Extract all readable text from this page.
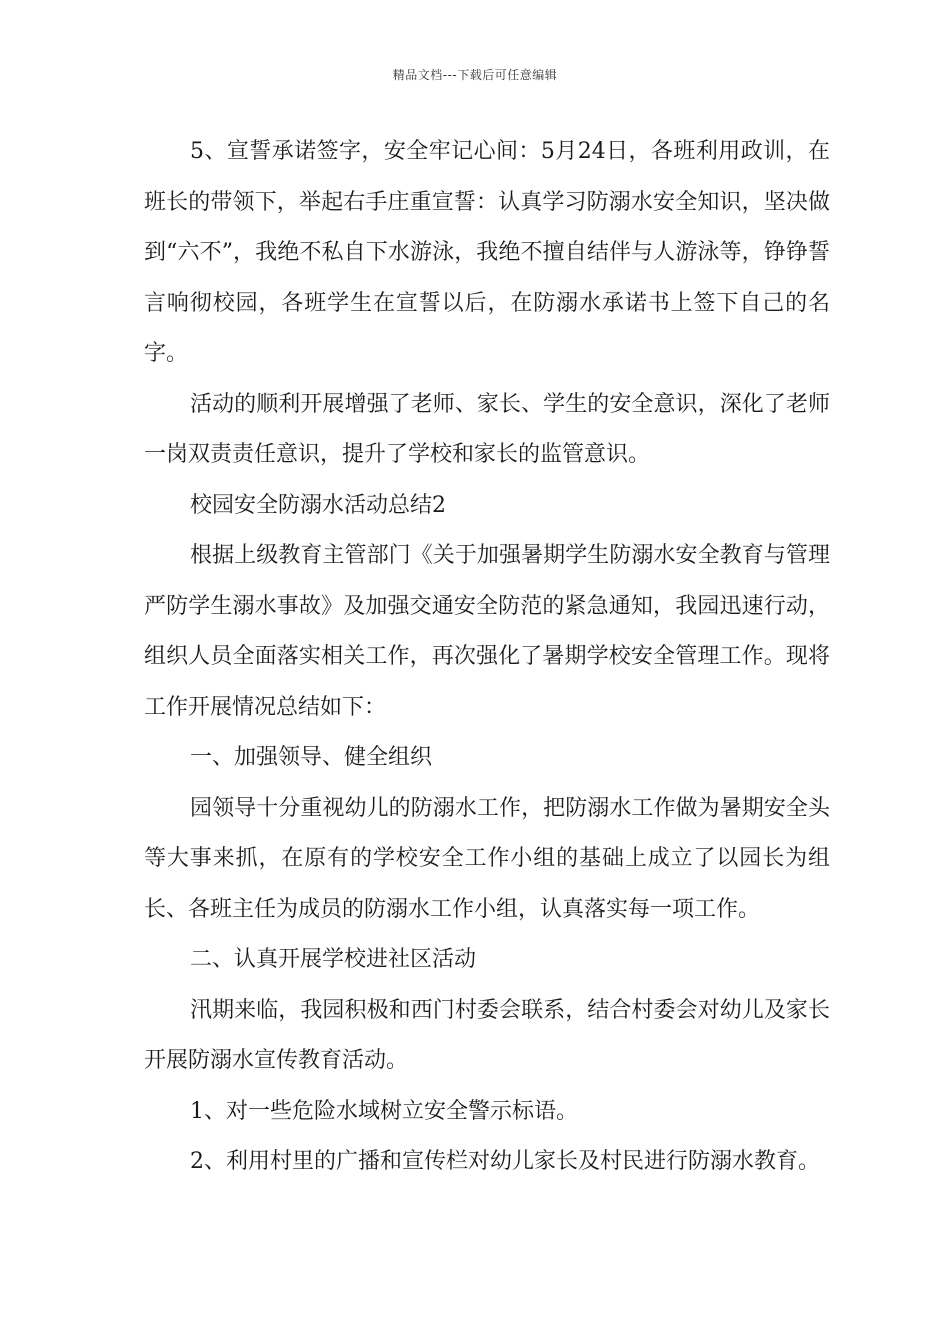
精品文档---下载后可任意编辑

5、宣誓承诺签字，安全牢记心间：5月24日，各班利用政训，在班长的带领下，举起右手庄重宣誓：认真学习防溺水安全知识，坚决做到“六不”，我绝不私自下水游泳，我绝不擅自结伴与人游泳等，铮铮誓言响彻校园，各班学生在宣誓以后，在防溺水承诺书上签下自己的名字。

活动的顺利开展增强了老师、家长、学生的安全意识，深化了老师一岗双责责任意识，提升了学校和家长的监管意识。

校园安全防溺水活动总结2

根据上级教育主管部门《关于加强暑期学生防溺水安全教育与管理严防学生溺水事故》及加强交通安全防范的紧急通知，我园迅速行动，组织人员全面落实相关工作，再次强化了暑期学校安全管理工作。现将工作开展情况总结如下：

一、加强领导、健全组织

园领导十分重视幼儿的防溺水工作，把防溺水工作做为暑期安全头等大事来抓，在原有的学校安全工作小组的基础上成立了以园长为组长、各班主任为成员的防溺水工作小组，认真落实每一项工作。

二、认真开展学校进社区活动

汛期来临，我园积极和西门村委会联系，结合村委会对幼儿及家长开展防溺水宣传教育活动。

1、对一些危险水域树立安全警示标语。

2、利用村里的广播和宣传栏对幼儿家长及村民进行防溺水教育。
